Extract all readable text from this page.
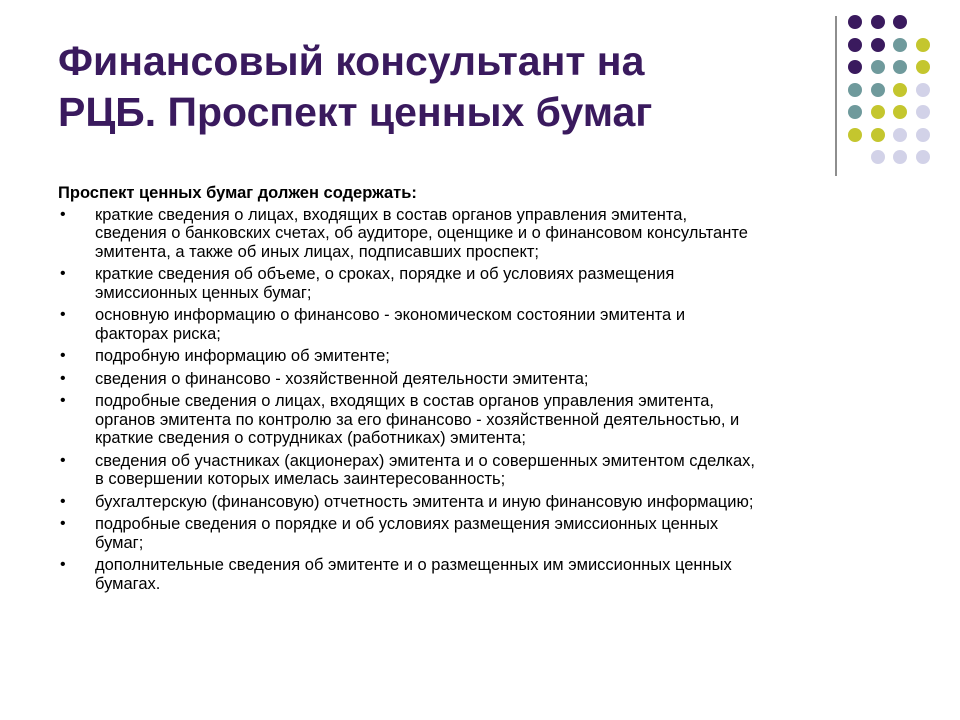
Финансовый консультант на
РЦБ. Проспект ценных бумаг

Проспект ценных бумаг должен содержать:

• краткие сведения о лицах, входящих в состав органов управления эмитента,
сведения о банковских счетах, об аудиторе, оценщике и о финансовом консультанте
эмитента, а также об иных лицах, подписавших проспект;
• краткие сведения об объеме, о сроках, порядке и об условиях размещения
эмиссионных ценных бумаг;
• основную информацию о финансово - экономическом состоянии эмитента и
факторах риска;
• подробную информацию об эмитенте;
• сведения о финансово - хозяйственной деятельности эмитента;
• подробные сведения о лицах, входящих в состав органов управления эмитента,
органов эмитента по контролю за его финансово - хозяйственной деятельностью, и
краткие сведения о сотрудниках (работниках) эмитента;
• сведения об участниках (акционерах) эмитента и о совершенных эмитентом сделках,
в совершении которых имелась заинтересованность;
• бухгалтерскую (финансовую) отчетность эмитента и иную финансовую информацию;
• подробные сведения о порядке и об условиях размещения эмиссионных ценных
бумаг;
• дополнительные сведения об эмитенте и о размещенных им эмиссионных ценных
бумагах.
